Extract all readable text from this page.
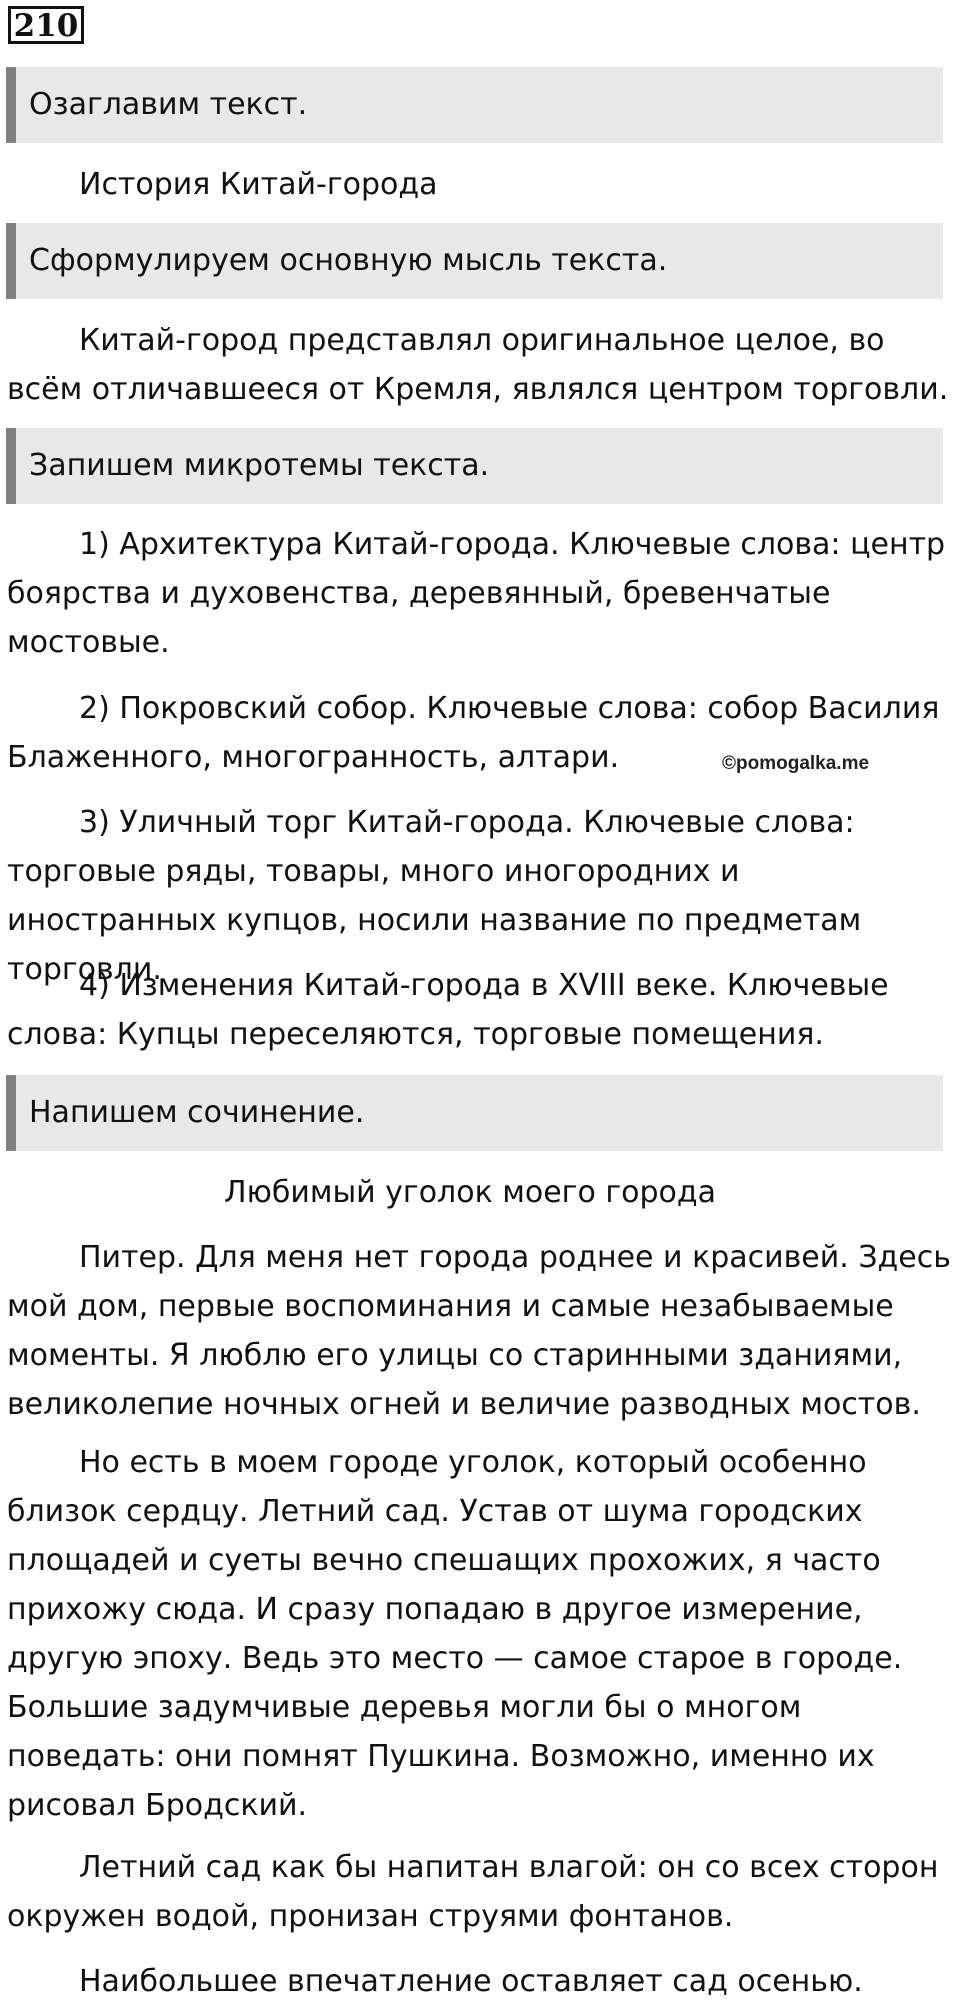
210
Озаглавим текст.
История Китай-города
Сформулируем основную мысль текста.

Китай-город представлял оригинальное целое, во всём отличавшееся от Кремля, являлся центром торговли.

Запишем микротемы текста.

1) Архитектура Китай-города. Ключевые слова: центр боярства и духовенства, деревянный, бревенчатые мостовые.

2) Покровский собор. Ключевые слова: собор Василия Блаженного, многогранность, алтари.

3) Уличный торг Китай-города. Ключевые слова: торговые ряды, товары, много иногородних и иностранных купцов, носили название по предметам торговли.

4) Изменения Китай-города в XVIII веке. Ключевые слова: Купцы переселяются, торговые помещения.

©pomogalka.me
Напишем сочинение.
Любимый уголок моего города

Питер. Для меня нет города роднее и красивей. Здесь мой дом, первые воспоминания и самые незабываемые моменты. Я люблю его улицы со старинными зданиями, великолепие ночных огней и величие разводных мостов.

Но есть в моем городе уголок, который особенно близок сердцу. Летний сад. Устав от шума городских площадей и суеты вечно спешащих прохожих, я часто прихожу сюда. И сразу попадаю в другое измерение, другую эпоху. Ведь это место — самое старое в городе. Большие задумчивые деревья могли бы о многом поведать: они помнят Пушкина. Возможно, именно их рисовал Бродский.

Летний сад как бы напитан влагой: он со всех сторон окружен водой, пронизан струями фонтанов.

Наибольшее впечатление оставляет сад осенью.
